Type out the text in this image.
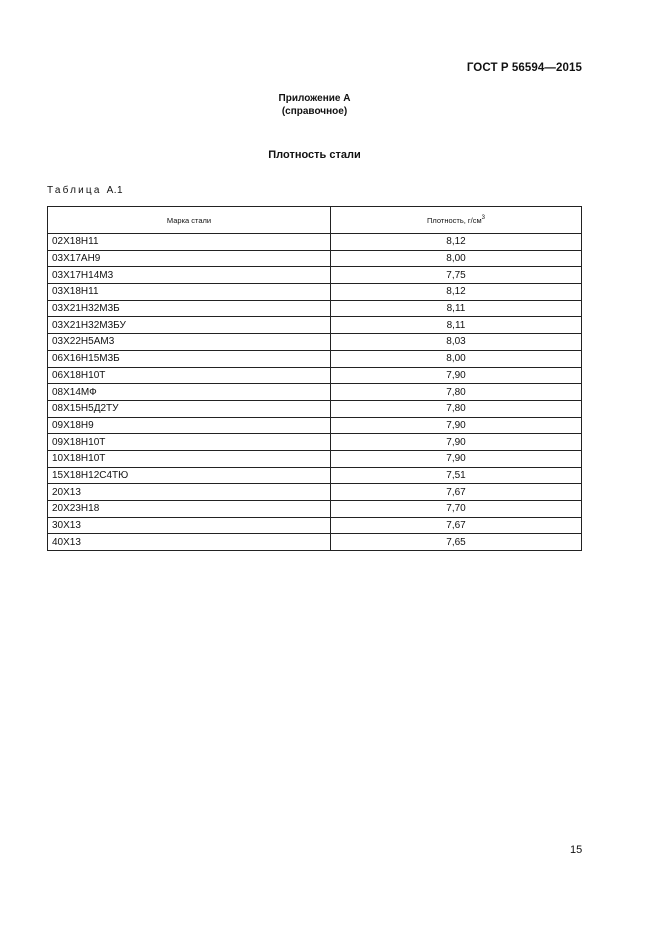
ГОСТ Р 56594—2015
Приложение А
(справочное)
Плотность стали
Таблица А.1
Марка стали	Плотность, $г/см^3$
02Х18Н11	8,12
03Х17АН9	8,00
03Х17Н14М3	7,75
03Х18Н11	8,12
03Х21Н32М3Б	8,11
03Х21Н32М3БУ	8,11
03Х22Н5АМ3	8,03
06Х16Н15М3Б	8,00
06Х18Н10Т	7,90
08Х14МФ	7,80
08Х15Н5Д2ТУ	7,80
09Х18Н9	7,90
09Х18Н10Т	7,90
10Х18Н10Т	7,90
15Х18Н12С4ТЮ	7,51
20Х13	7,67
20Х23Н18	7,70
30Х13	7,67
40Х13	7,65
15
